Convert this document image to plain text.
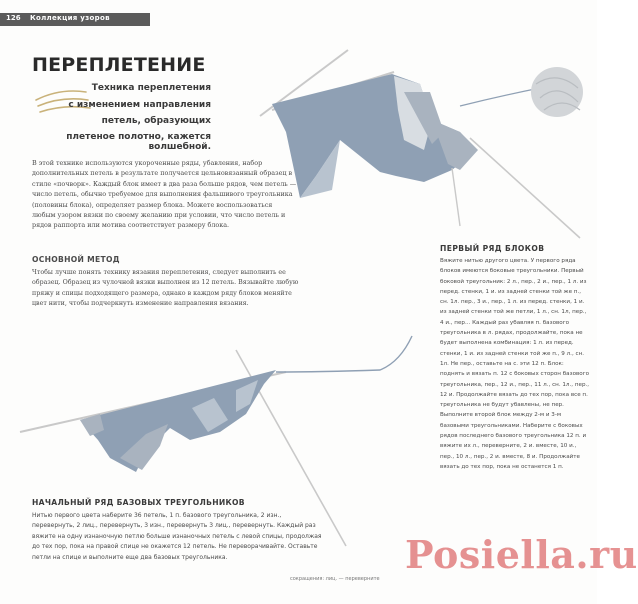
126 Коллекция узоров
ПЕРЕПЛЕТЕНИЕ
Техника переплетения
с изменением направления
петель, образующих
плетеное полотно, кажется волшебной.

В этой технике используются укороченные ряды, убавления, набор дополнительных петель в результате получается цельновязанный образец в стиле «почворк». Каждый блок имеет в два раза больше рядов, чем петель — число петель, обычно требуемое для выполнения фальшивого треугольника (половины блока), определяет размер блока. Можете воспользоваться любым узором вязки по своему желанию при условии, что число петель и рядов раппорта или мотива соответствует размеру блока.

ОСНОВНОЙ МЕТОД

Чтобы лучше понять технику вязания переплетения, следует выполнить ее образец. Образец из чулочной вязки выполнен из 12 петель. Вязывайте любую пряжу и спицы подходящего размера, однако в каждом ряду блоков меняйте цвет нити, чтобы подчеркнуть изменение направления вязания.

ПЕРВЫЙ РЯД БЛОКОВ

Вяжите нитью другого цвета. У первого ряда блоков имеются боковые треугольники. Первый боковой треугольник: 2 л., пер., 2 и., пер., 1 л. из перед. стенки, 1 и. из задней стенки той же п., сн. 1л. пер., 3 и., пер., 1 л. из перед. стенки, 1 и. из задней стенки той же петли, 1 л., сн. 1л, пер., 4 и., пер... Каждый раз убавляя п. базового треугольника в л. рядах, продолжайте, пока не будет выполнена комбинация: 1 л. из перед. стенки, 1 и. из задней стенки той же п., 9 л., сн. 1л. Не пер., оставьте на с. эти 12 п. Блок: поднять и вязать п. 12 с боковых сторон базового треугольника, пер., 12 и., пер., 11 л., сн. 1л., пер., 12 и. Продолжайте вязать до тех пор, пока все п. треугольника не будут убавлены, не пер. Выполните второй блок между 2-м и 3-м базовыми треугольниками. Наберите с боковых рядов последнего базового треугольника 12 п. и вяжите их л., переверните, 2 и. вместе, 10 и., пер., 10 л., пер., 2 и. вместе, 8 и. Продолжайте вязать до тех пор, пока не останется 1 п.

НАЧАЛЬНЫЙ РЯД БАЗОВЫХ ТРЕУГОЛЬНИКОВ

Нитью первого цвета наберите 36 петель, 1 п. базового треугольника, 2 изн., перевернуть, 2 лиц., перевернуть, 3 изн., перевернуть 3 лиц., перевернуть. Каждый раз вяжите на одну изнаночную петлю больше изнаночных петель с левой спицы, продолжая до тех пор, пока на правой спице не окажется 12 петель. Не переворачивайте. Оставьте петли на спице и выполните еще два базовых треугольника.

сокращения: лиц. — переверните
Posiella.ru
